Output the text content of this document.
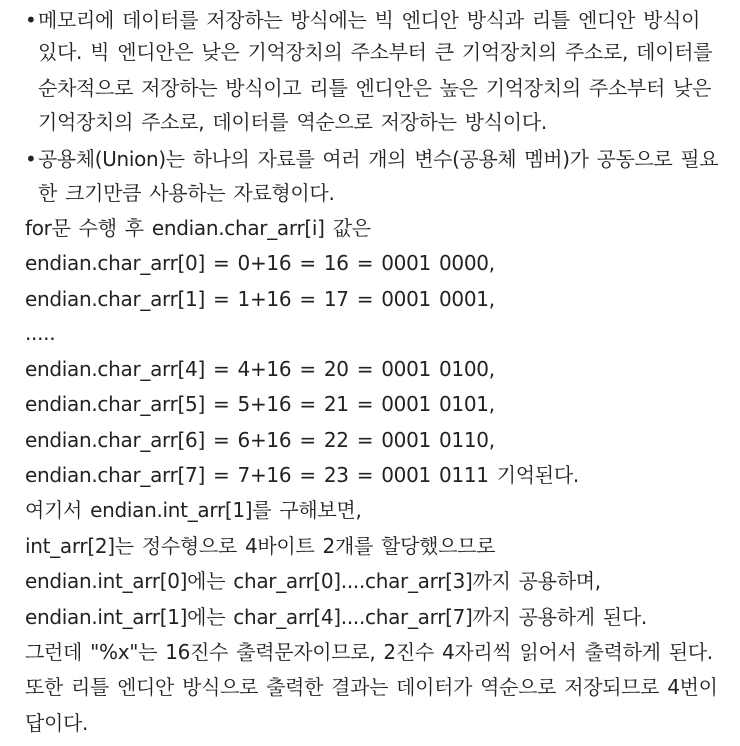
• 메모리에 데이터를 저장하는 방식에는 빅 엔디안 방식과 리틀 엔디안 방식이
있다. 빅 엔디안은 낮은 기억장치의 주소부터 큰 기억장치의 주소로, 데이터를
순차적으로 저장하는 방식이고 리틀 엔디안은 높은 기억장치의 주소부터 낮은
기억장치의 주소로, 데이터를 역순으로 저장하는 방식이다.
• 공용체(Union)는 하나의 자료를 여러 개의 변수(공용체 멤버)가 공동으로 필요
한 크기만큼 사용하는 자료형이다.
for문 수행 후 endian.char_arr[i] 값은
endian.char_arr[0] = 0+16 = 16 = 0001 0000,
endian.char_arr[1] = 1+16 = 17 = 0001 0001,
.....
endian.char_arr[4] = 4+16 = 20 = 0001 0100,
endian.char_arr[5] = 5+16 = 21 = 0001 0101,
endian.char_arr[6] = 6+16 = 22 = 0001 0110,
endian.char_arr[7] = 7+16 = 23 = 0001 0111 기억된다.
여기서 endian.int_arr[1]를 구해보면,
int_arr[2]는 정수형으로 4바이트 2개를 할당했으므로
endian.int_arr[0]에는 char_arr[0]....char_arr[3]까지 공용하며,
endian.int_arr[1]에는 char_arr[4]....char_arr[7]까지 공용하게 된다.
그런데 "%x"는 16진수 출력문자이므로, 2진수 4자리씩 읽어서 출력하게 된다.
또한 리틀 엔디안 방식으로 출력한 결과는 데이터가 역순으로 저장되므로 4번이
답이다.
